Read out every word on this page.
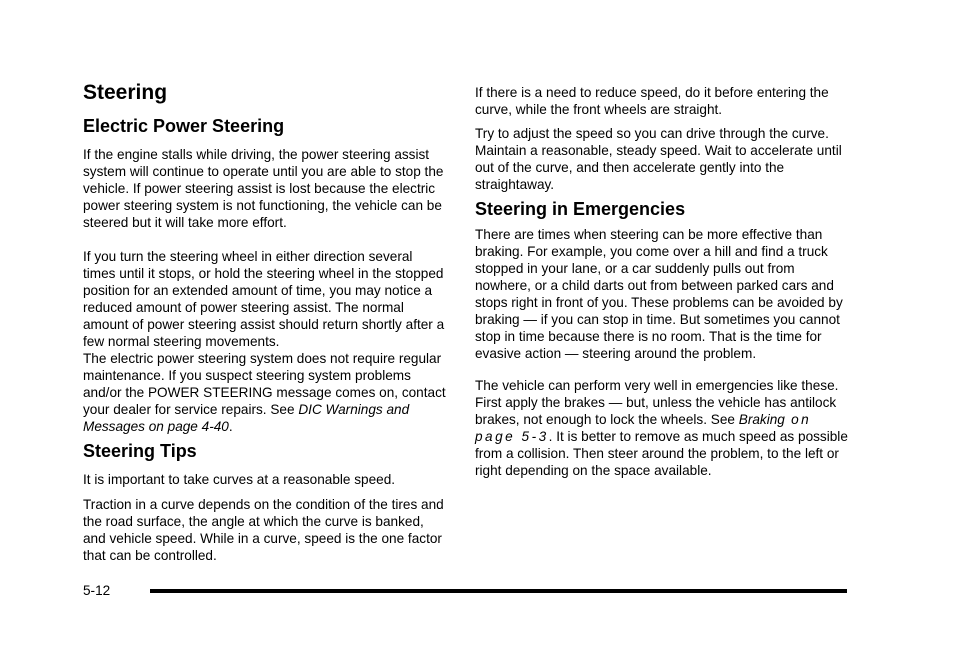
Steering
Electric Power Steering

If the engine stalls while driving, the power steering assist system will continue to operate until you are able to stop the vehicle. If power steering assist is lost because the electric power steering system is not functioning, the vehicle can be steered but it will take more effort.

If you turn the steering wheel in either direction several times until it stops, or hold the steering wheel in the stopped position for an extended amount of time, you may notice a reduced amount of power steering assist. The normal amount of power steering assist should return shortly after a few normal steering movements.

The electric power steering system does not require regular maintenance. If you suspect steering system problems and/or the POWER STEERING message comes on, contact your dealer for service repairs. See DIC Warnings and Messages on page 4-40.

Steering Tips

It is important to take curves at a reasonable speed.

Traction in a curve depends on the condition of the tires and the road surface, the angle at which the curve is banked, and vehicle speed. While in a curve, speed is the one factor that can be controlled.

If there is a need to reduce speed, do it before entering the curve, while the front wheels are straight.

Try to adjust the speed so you can drive through the curve. Maintain a reasonable, steady speed. Wait to accelerate until out of the curve, and then accelerate gently into the straightaway.

Steering in Emergencies

There are times when steering can be more effective than braking. For example, you come over a hill and find a truck stopped in your lane, or a car suddenly pulls out from nowhere, or a child darts out from between parked cars and stops right in front of you. These problems can be avoided by braking — if you can stop in time. But sometimes you cannot stop in time because there is no room. That is the time for evasive action — steering around the problem.

The vehicle can perform very well in emergencies like these. First apply the brakes — but, unless the vehicle has antilock brakes, not enough to lock the wheels. See Braking on page 5-3. It is better to remove as much speed as possible from a collision. Then steer around the problem, to the left or right depending on the space available.

5-12
